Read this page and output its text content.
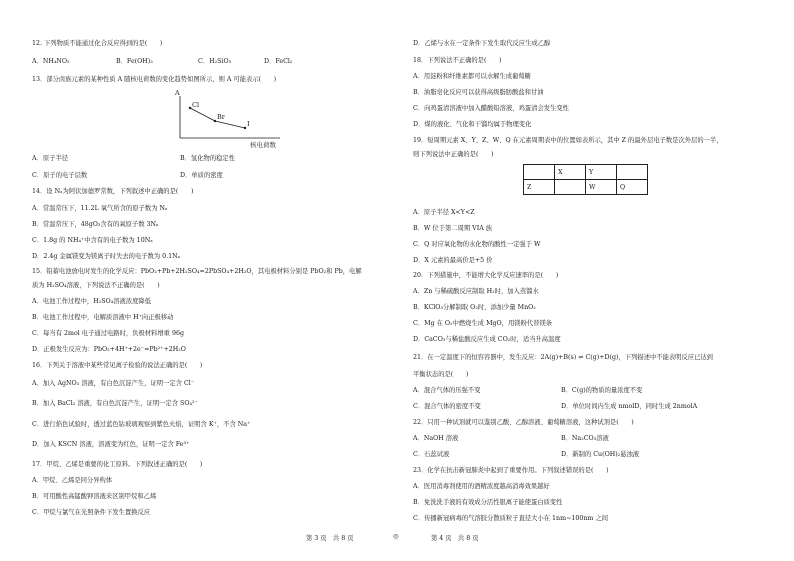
12. 下列物质不能通过化合反应得到的是(　　)
A．NH₄NO₃	B．Fe(OH)₃	C．H₂SiO₃	D．FeCl₂
13．部分卤族元素的某种性质 A 随核电荷数的变化趋势如图所示，则 A 可能表示(　　)
A
Cl
Br
I
核电荷数
A．原子半径	B．氢化物的稳定性
C．原子的电子层数	D．单质的密度
14．设 Nₐ为阿伏加德罗常数，下列叙述中正确的是(　　)
A．常温常压下，11.2L 氧气所含的原子数为 Nₐ
B．常温常压下，48gO₃含有的氧原子数 3Nₐ
C．1.8g 的 NH₄⁺中含有的电子数为 10Nₐ
D．2.4g 金属镁变为镁离子时失去的电子数为 0.1Nₐ
15．铅蓄电池放电时发生的化学反应：PbO₂+Pb+2H₂SO₄=2PbSO₄+2H₂O，其电极材料分别是 PbO₂和 Pb，电解
质为 H₂SO₄溶液，下列说法不正确的是(　　)
A．电池工作过程中，H₂SO₄溶液浓度降低
B．电池工作过程中，电解质溶液中 H⁺向正极移动
C．每当有 2mol 电子通过电路时，负极材料增重 96g
D．正极发生反应为：PbO₂+4H⁺+2e⁻=Pb²⁺+2H₂O
16．下列关于溶液中某些常见离子检验的说法正确的是(　　)
A．加入 AgNO₃ 溶液，有白色沉淀产生，证明一定含 Cl⁻
B．加入 BaCl₂ 溶液，有白色沉淀产生，证明一定含 SO₄²⁻
C．进行焰色试验时，透过蓝色钴玻璃观察到紫色火焰，证明含 K⁺，不含 Na⁺
D．加入 KSCN 溶液，溶液变为红色，证明一定含 Fe³⁺
17．甲烷、乙烯是重要的化工原料。下列叙述正确的是(　　)
A．甲烷、乙烯是同分异构体
B．可用酸性高锰酸钾溶液来区别甲烷和乙烯
C．甲烷与氯气在光照条件下发生置换反应
D．乙烯与水在一定条件下发生取代反应生成乙醇
18．下列说法不正确的是(　　)
A．用淀粉和纤维素都可以水解生成葡萄糖
B．油脂皂化反应可以获得高级脂肪酸盐和甘油
C．向鸡蛋清溶液中加入醋酸铅溶液，鸡蛋清会发生变性
D．煤的液化、气化和干馏均属于物理变化
19．短周期元素 X、Y、Z、W、Q 在元素周期表中的位置如表所示，其中 Z 的最外层电子数是次外层的一半，
则下列说法中正确的是(　　)
	X	Y	
Z		W	Q
A．原子半径 X<Y<Z
B．W 位于第二周期 VIA 族
C．Q 对应氧化物的水化物的酸性一定强于 W
D．X 元素的最高价是+5 价
20．下列措施中，不能增大化学反应速率的是(　　)
A．Zn 与稀硫酸反应制取 H₂时，加入蒸馏水
B．KClO₃分解制取 O₂时，添加少量 MnO₂
C．Mg 在 O₂中燃烧生成 MgO，用镁粉代替镁条
D．CaCO₃与稀盐酸反应生成 CO₂时，适当升高温度
21．在一定温度下的恒容容器中，发生反应：2A(g)+B(s) ⇌ C(g)+D(g)，下列描述中不能表明反应已达到
平衡状态的是(　　)
A．混合气体的压强不变	B．C(g)的物质的量浓度不变
C．混合气体的密度不变	D．单位时间内生成 nmolD，同时生成 2nmolA
22．只用一种试剂就可以鉴别乙酸、乙醇溶液、葡萄糖溶液，这种试剂是(　　)
A．NaOH 溶液	B．Na₂CO₃溶液
C．石蕊试液	D．新制的 Cu(OH)₂悬浊液
23．化学在抗击新冠肺炎中起到了重要作用。下列叙述错误的是(　　)
A．医用消毒剂使用的酒精浓度越高消毒效果越好
B．免洗洗手液的有效成分活性银离子能使蛋白质变性
C．传播新冠病毒的气溶胶分散质粒子直径大小在 1nm~100nm 之间
第 3 页　共 8 页	◎	第 4 页　共 8 页
